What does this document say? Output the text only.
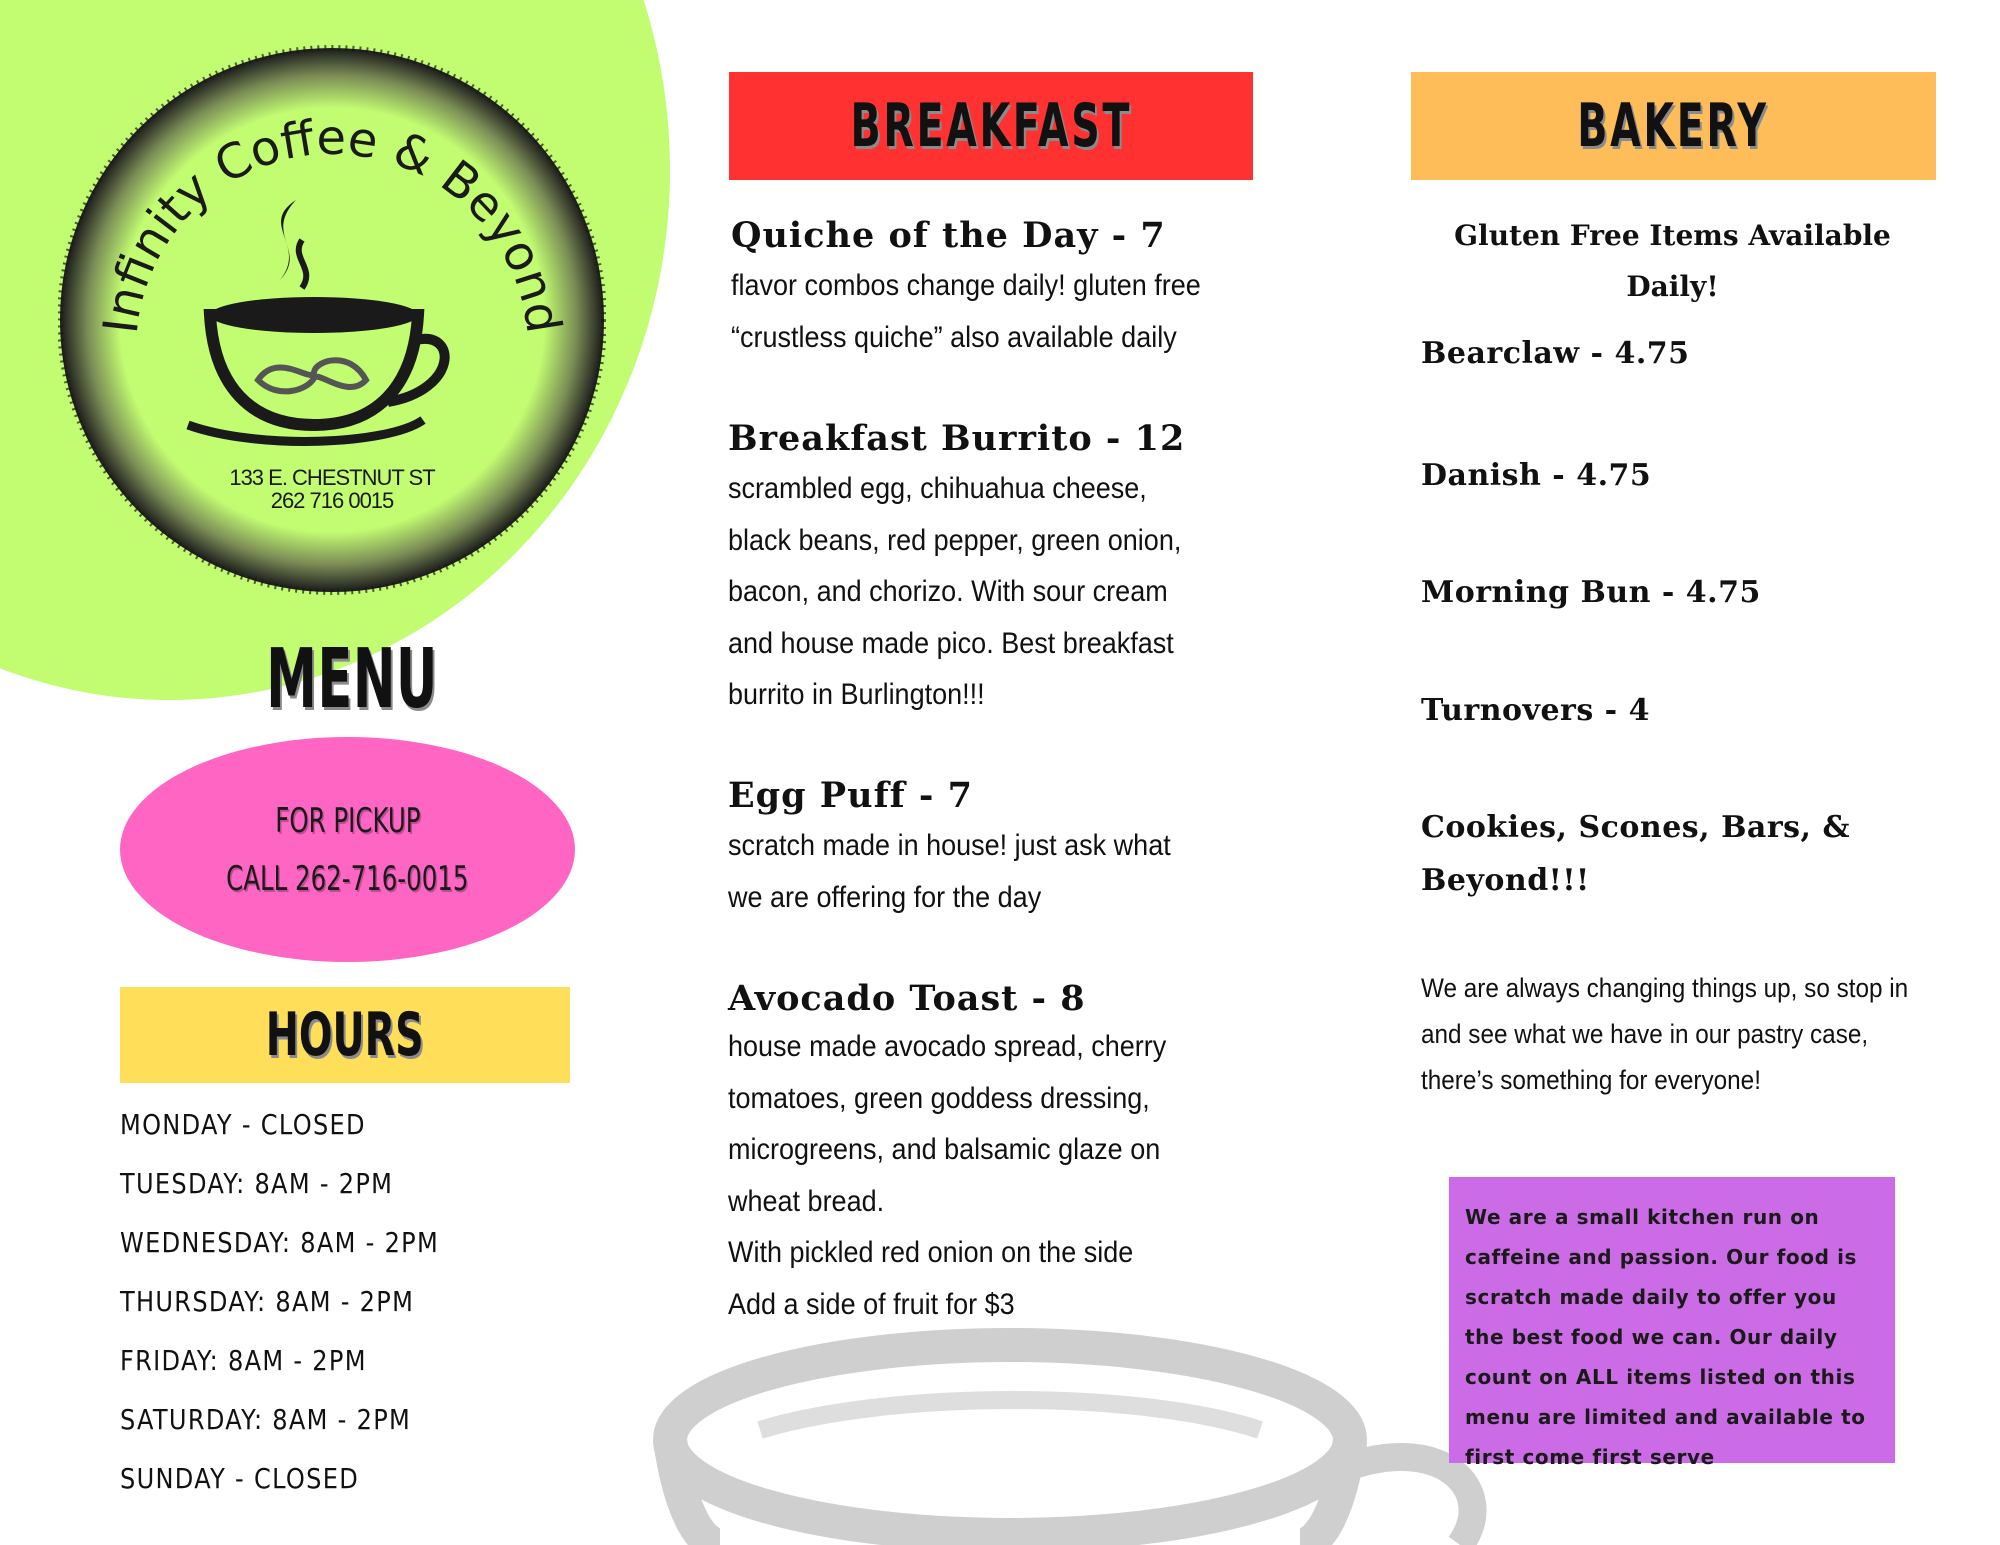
Infinity Coffee & Beyond
133 E. CHESTNUT ST
262 716 0015
MENU
FOR PICKUP
CALL 262-716-0015
HOURS
MONDAY - CLOSED
TUESDAY: 8AM - 2PM
WEDNESDAY: 8AM - 2PM
THURSDAY: 8AM - 2PM
FRIDAY: 8AM - 2PM
SATURDAY: 8AM - 2PM
SUNDAY - CLOSED
BREAKFAST
Quiche of the Day - 7
flavor combos change daily! gluten free
“crustless quiche” also available daily
Breakfast Burrito - 12
scrambled egg, chihuahua cheese,
black beans, red pepper, green onion,
bacon, and chorizo. With sour cream
and house made pico. Best breakfast
burrito in Burlington!!!
Egg Puff - 7
scratch made in house! just ask what
we are offering for the day
Avocado Toast - 8
house made avocado spread, cherry
tomatoes, green goddess dressing,
microgreens, and balsamic glaze on
wheat bread.
With pickled red onion on the side
Add a side of fruit for $3
BAKERY
Gluten Free Items Available Daily!
Bearclaw - 4.75
Danish - 4.75
Morning Bun - 4.75
Turnovers - 4
Cookies, Scones, Bars, & Beyond!!!
We are always changing things up, so stop in and see what we have in our pastry case, there’s something for everyone!
We are a small kitchen run on caffeine and passion. Our food is scratch made daily to offer you the best food we can. Our daily count on ALL items listed on this menu are limited and available to first come first serve
